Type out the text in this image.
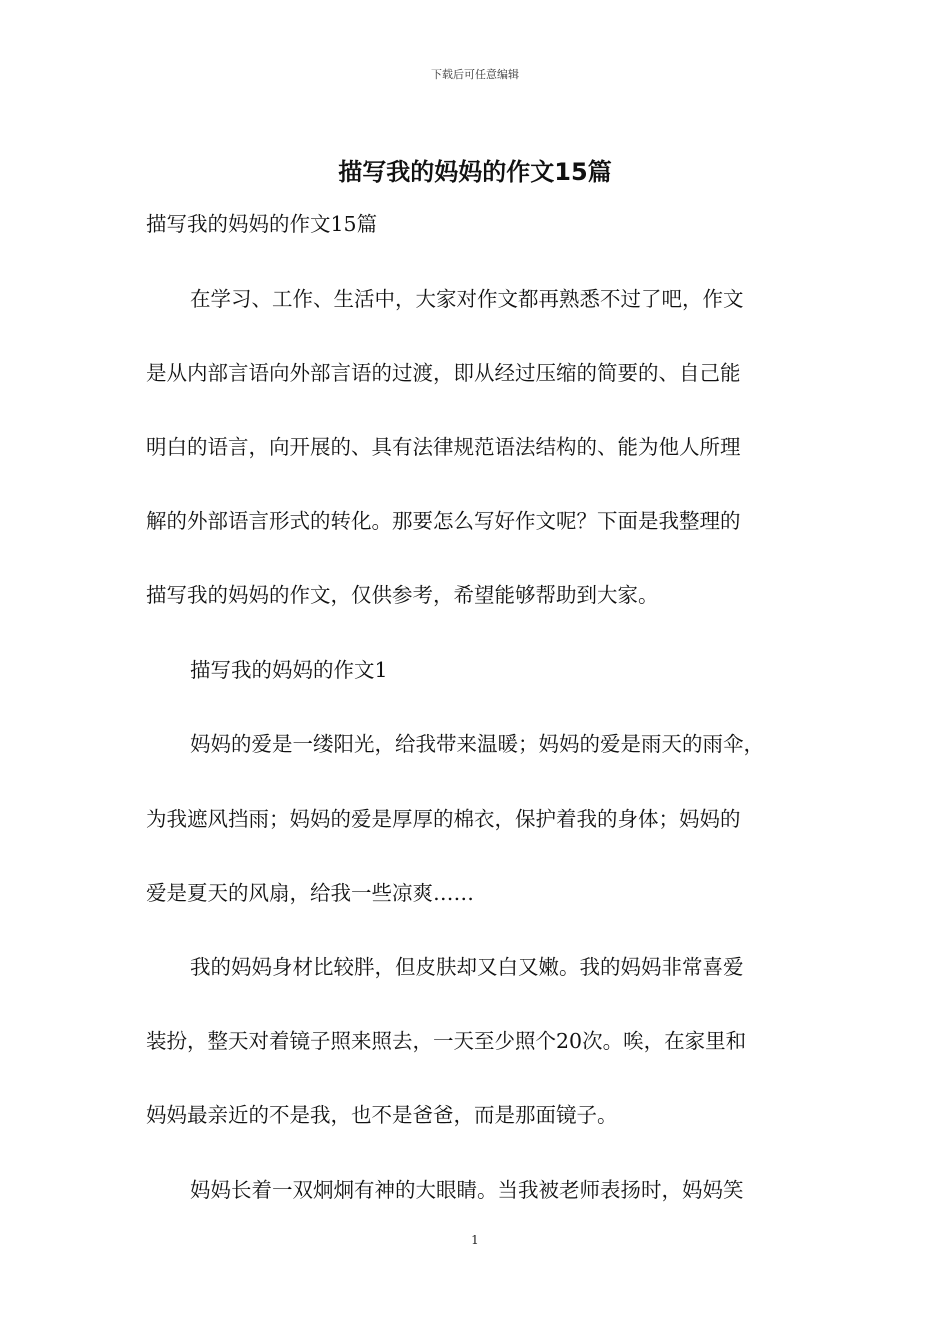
下载后可任意编辑
描写我的妈妈的作文15篇
描写我的妈妈的作文15篇
在学习、工作、生活中，大家对作文都再熟悉不过了吧，作文
是从内部言语向外部言语的过渡，即从经过压缩的简要的、自己能
明白的语言，向开展的、具有法律规范语法结构的、能为他人所理
解的外部语言形式的转化。那要怎么写好作文呢？下面是我整理的
描写我的妈妈的作文，仅供参考，希望能够帮助到大家。
描写我的妈妈的作文1
妈妈的爱是一缕阳光，给我带来温暖；妈妈的爱是雨天的雨伞，
为我遮风挡雨；妈妈的爱是厚厚的棉衣，保护着我的身体；妈妈的
爱是夏天的风扇，给我一些凉爽……
我的妈妈身材比较胖，但皮肤却又白又嫩。我的妈妈非常喜爱
装扮，整天对着镜子照来照去，一天至少照个20次。唉，在家里和
妈妈最亲近的不是我，也不是爸爸，而是那面镜子。
妈妈长着一双炯炯有神的大眼睛。当我被老师表扬时，妈妈笑
1
